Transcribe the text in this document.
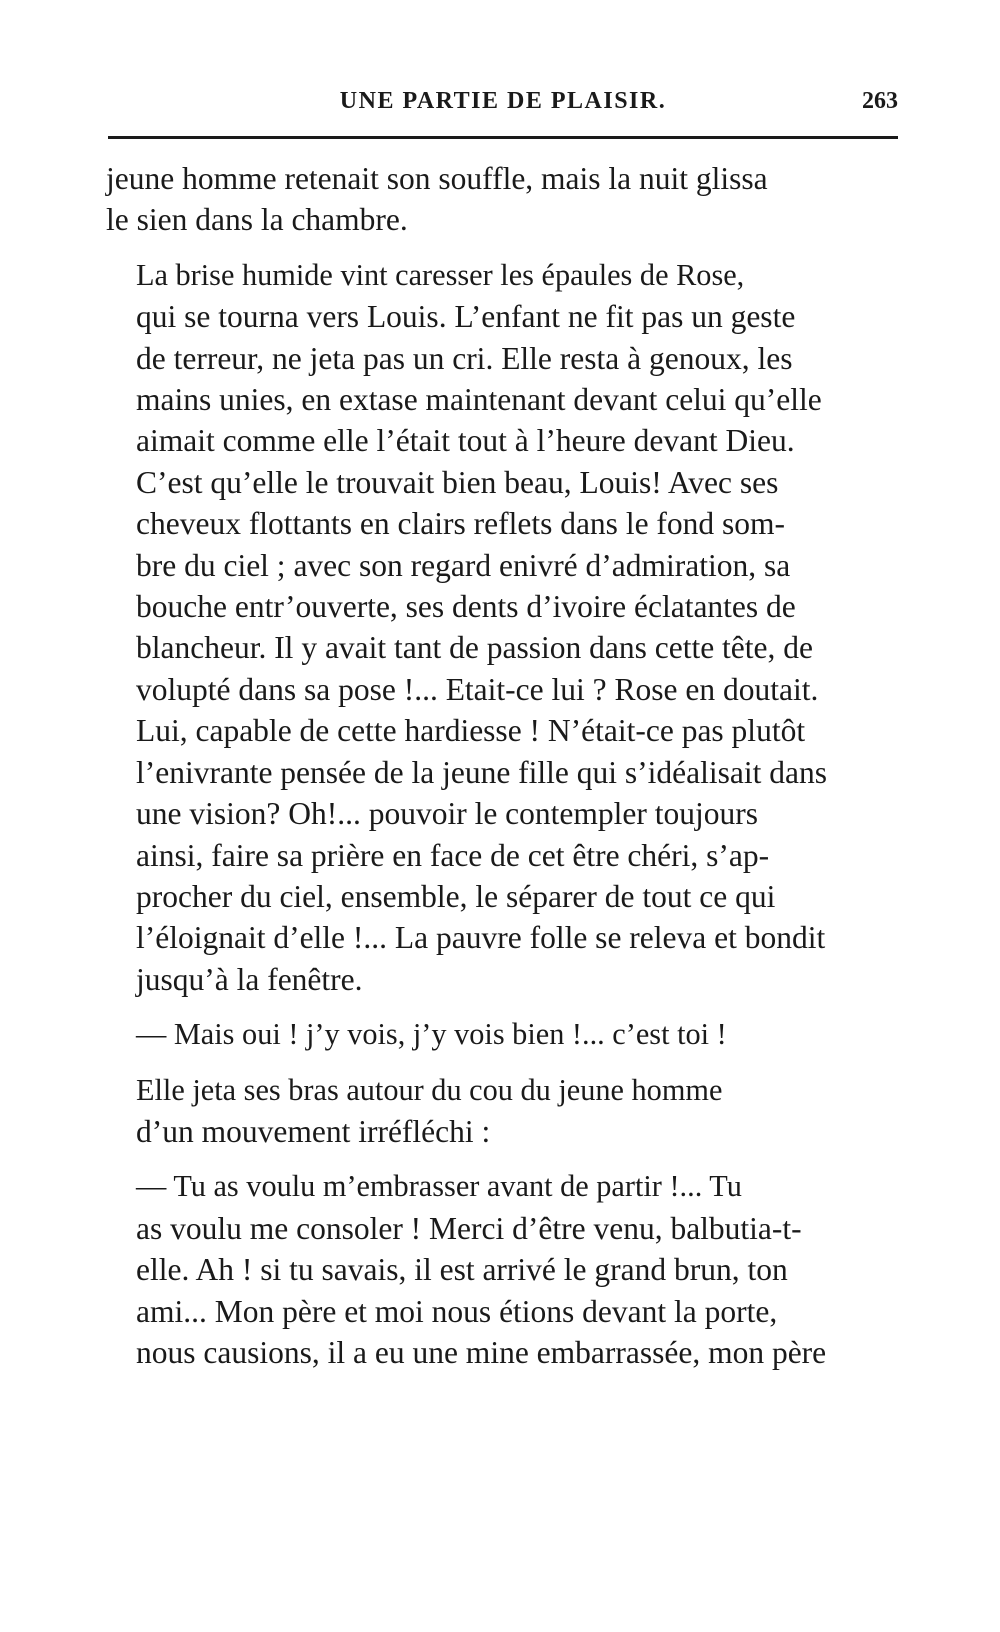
UNE PARTIE DE PLAISIR.	263

jeune homme retenait son souffle, mais la nuit glissa
le sien dans la chambre.

La brise humide vint caresser les épaules de Rose,
qui se tourna vers Louis. L’enfant ne fit pas un geste
de terreur, ne jeta pas un cri. Elle resta à genoux, les
mains unies, en extase maintenant devant celui qu’elle
aimait comme elle l’était tout à l’heure devant Dieu.
C’est qu’elle le trouvait bien beau, Louis! Avec ses
cheveux flottants en clairs reflets dans le fond som-
bre du ciel ; avec son regard enivré d’admiration, sa
bouche entr’ouverte, ses dents d’ivoire éclatantes de
blancheur. Il y avait tant de passion dans cette tête, de
volupté dans sa pose !... Etait-ce lui ? Rose en doutait.
Lui, capable de cette hardiesse ! N’était-ce pas plutôt
l’enivrante pensée de la jeune fille qui s’idéalisait dans
une vision? Oh!... pouvoir le contempler toujours
ainsi, faire sa prière en face de cet être chéri, s’ap-
procher du ciel, ensemble, le séparer de tout ce qui
l’éloignait d’elle !... La pauvre folle se releva et bondit
jusqu’à la fenêtre.

— Mais oui ! j’y vois, j’y vois bien !... c’est toi !

Elle jeta ses bras autour du cou du jeune homme
d’un mouvement irréfléchi :

— Tu as voulu m’embrasser avant de partir !... Tu
as voulu me consoler ! Merci d’être venu, balbutia-t-
elle. Ah ! si tu savais, il est arrivé le grand brun, ton
ami... Mon père et moi nous étions devant la porte,
nous causions, il a eu une mine embarrassée, mon père
